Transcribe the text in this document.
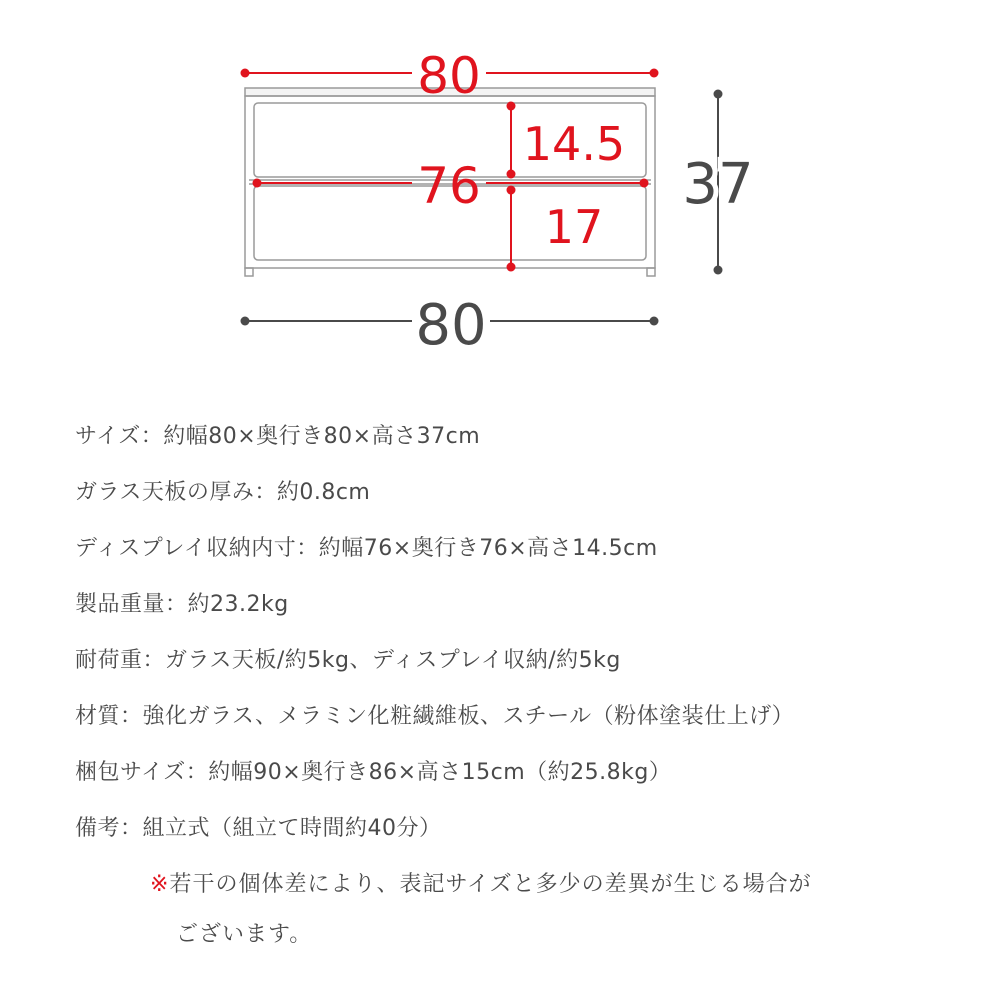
80
76
14.5
17
37
80
サイズ：約幅80×奥行き80×高さ37cm
ガラス天板の厚み：約0.8cm
ディスプレイ収納内寸：約幅76×奥行き76×高さ14.5cm
製品重量：約23.2kg
耐荷重：ガラス天板/約5kg、ディスプレイ収納/約5kg
材質：強化ガラス、メラミン化粧繊維板、スチール（粉体塗装仕上げ）
梱包サイズ：約幅90×奥行き86×高さ15cm（約25.8kg）
備考：組立式（組立て時間約40分）
※若干の個体差により、表記サイズと多少の差異が生じる場合が
ございます。
